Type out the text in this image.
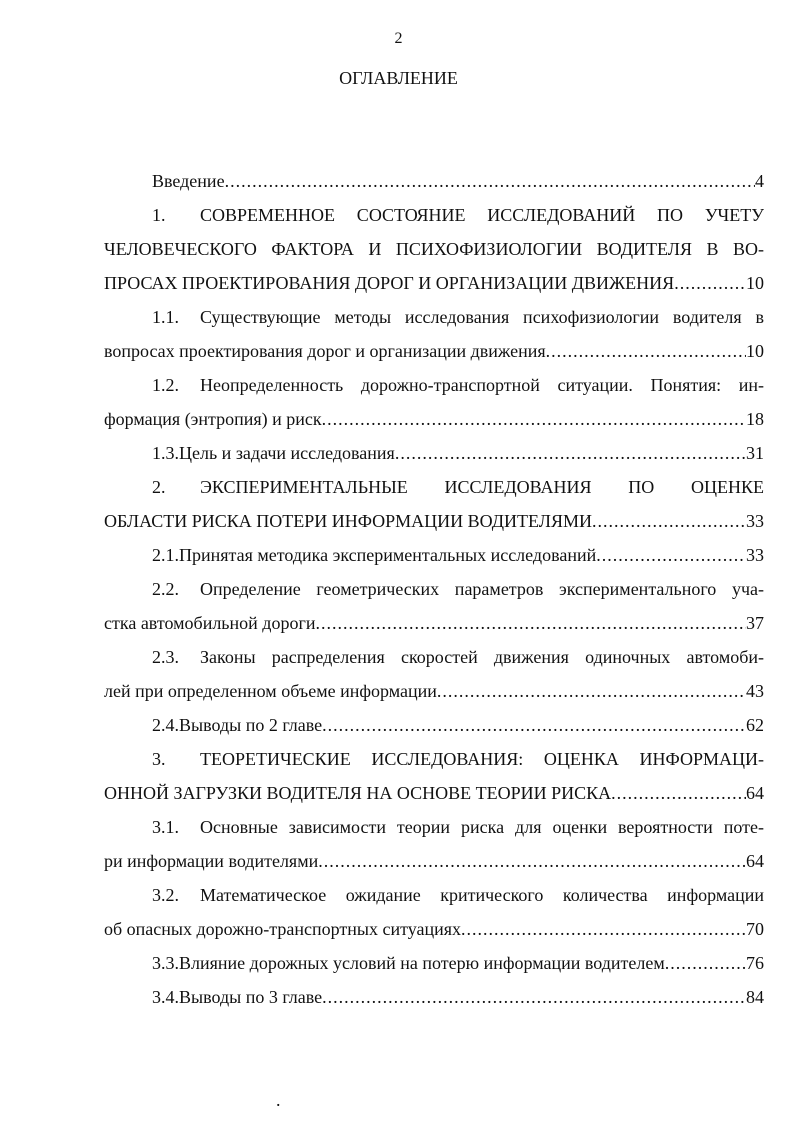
2
ОГЛАВЛЕНИЕ
Введение .....	4
1. СОВРЕМЕННОЕ СОСТОЯНИЕ ИССЛЕДОВАНИЙ ПО УЧЕТУ
ЧЕЛОВЕЧЕСКОГО ФАКТОРА И ПСИХОФИЗИОЛОГИИ ВОДИТЕЛЯ В ВО-
ПРОСАХ ПРОЕКТИРОВАНИЯ ДОРОГ И ОРГАНИЗАЦИИ ДВИЖЕНИЯ .....	10
1.1. Существующие методы исследования психофизиологии водителя в
вопросах проектирования дорог и организации движения .....	10
1.2. Неопределенность дорожно-транспортной ситуации. Понятия: ин-
формация (энтропия) и риск .....	18
1.3. Цель и задачи исследования .....	31
2. ЭКСПЕРИМЕНТАЛЬНЫЕ ИССЛЕДОВАНИЯ ПО ОЦЕНКЕ
ОБЛАСТИ РИСКА ПОТЕРИ ИНФОРМАЦИИ ВОДИТЕЛЯМИ .....	33
2.1. Принятая методика экспериментальных исследований .....	33
2.2. Определение геометрических параметров экспериментального уча-
стка автомобильной дороги .....	37
2.3. Законы распределения скоростей движения одиночных автомоби-
лей при определенном объеме информации .....	43
2.4. Выводы по 2 главе .....	62
3. ТЕОРЕТИЧЕСКИЕ ИССЛЕДОВАНИЯ: ОЦЕНКА ИНФОРМАЦИ-
ОННОЙ ЗАГРУЗКИ ВОДИТЕЛЯ НА ОСНОВЕ ТЕОРИИ РИСКА .....	64
3.1. Основные зависимости теории риска для оценки вероятности поте-
ри информации водителями .....	64
3.2. Математическое ожидание критического количества информации
об опасных дорожно-транспортных ситуациях .....	70
3.3. Влияние дорожных условий на потерю информации водителем .....	76
3.4. Выводы по 3 главе .....	84
.
